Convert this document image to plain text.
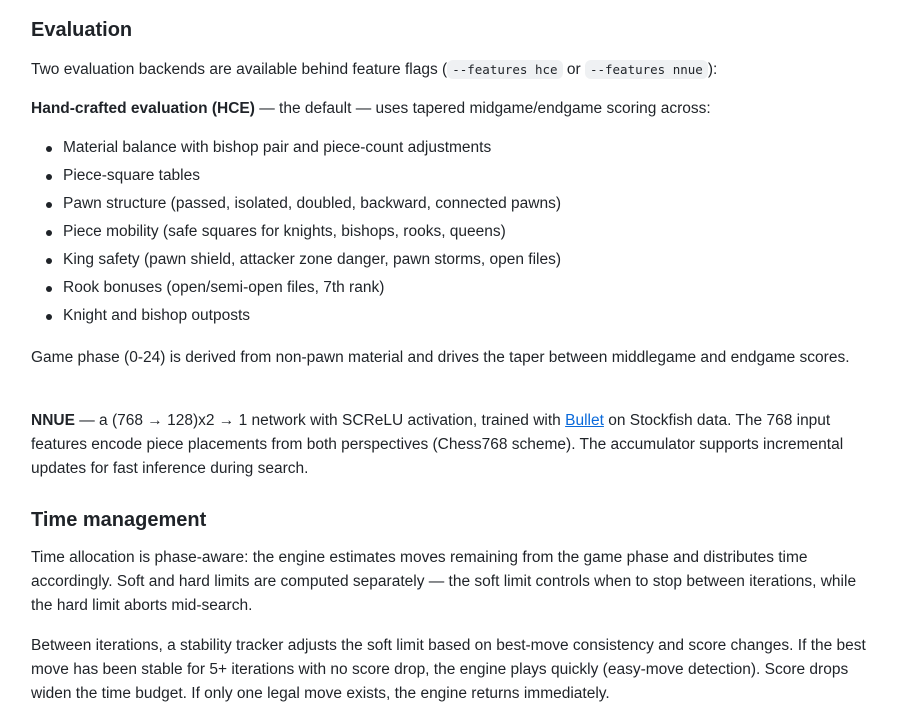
Evaluation

Two evaluation backends are available behind feature flags ( --features hce or --features nnue ):

Hand-crafted evaluation (HCE) — the default — uses tapered midgame/endgame scoring across:

Material balance with bishop pair and piece-count adjustments
Piece-square tables
Pawn structure (passed, isolated, doubled, backward, connected pawns)
Piece mobility (safe squares for knights, bishops, rooks, queens)
King safety (pawn shield, attacker zone danger, pawn storms, open files)
Rook bonuses (open/semi-open files, 7th rank)
Knight and bishop outposts

Game phase (0-24) is derived from non-pawn material and drives the taper between middlegame and endgame scores.

NNUE — a (768 → 128)x2 → 1 network with SCReLU activation, trained with Bullet on Stockfish data. The 768 input features encode piece placements from both perspectives (Chess768 scheme). The accumulator supports incremental updates for fast inference during search.

Time management

Time allocation is phase-aware: the engine estimates moves remaining from the game phase and distributes time accordingly. Soft and hard limits are computed separately — the soft limit controls when to stop between iterations, while the hard limit aborts mid-search.

Between iterations, a stability tracker adjusts the soft limit based on best-move consistency and score changes. If the best move has been stable for 5+ iterations with no score drop, the engine plays quickly (easy-move detection). Score drops widen the time budget. If only one legal move exists, the engine returns immediately.
